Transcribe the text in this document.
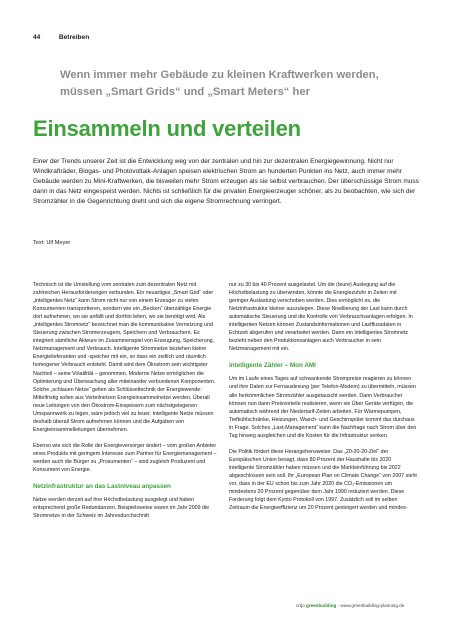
44	Betreiben
Wenn immer mehr Gebäude zu kleinen Kraftwerken werden, müssen „Smart Grids“ und „Smart Meters“ her
Einsammeln und verteilen

Einer der Trends unserer Zeit ist die Entwicklung weg von der zentralen und hin zur dezentralen Energiegewinnung. Nicht nur Windkrafträder, Biogas- und Photovoltaik-Anlagen speisen elektrischen Strom an hunderten Punkten ins Netz, auch immer mehr Gebäude werden zu Mini-Kraftwerken, die bisweilen mehr Strom erzeugen als sie selbst verbrauchen. Der überschüssige Strom muss dann in das Netz eingespeist werden. Nichts ist schließlich für die privaten Energieerzeuger schöner, als zu beobachten, wie sich der Stromzähler in die Gegenrichtung dreht und sich die eigene Stromrechnung verringert.

Text: Ulf Meyer

Technisch ist die Umstellung vom zentralen zum dezentralen Netz mit zahlreichen Herausforderungen verbunden. Ein neuartiges „Smart Grid“ oder „intelligentes Netz“ kann Strom nicht nur von einem Erzeuger zu vielen Konsumenten transportieren, sondern wie ein „Becken“ überzählige Energie dort aufnehmen, wo sie anfällt und dorthin leiten, wo sie benötigt wird. Als „intelligentes Stromnetz“ bezeichnet man die kommunikative Vernetzung und Steuerung zwischen Stromerzeugern, Speichern und Verbrauchern. Es integriert sämtliche Akteure im Zusammenspiel von Erzeugung, Speicherung, Netzmanagement und Verbrauch. Intelligente Stromnetze beziehen kleine Energielieferanten und -speicher mit ein, so dass ein zeitlich und räumlich homogener Verbrauch entsteht. Damit wird dem Ökostrom sein wichtigster Nachteil – seine Volatilität – genommen. Moderne Netze ermöglichen die Optimierung und Überwachung aller miteinander verbundenen Komponenten. Solche „schlauen Netze“ gelten als Schlüsseltechnik der Energiewende: Mittelfristig sollen aus Verteilnetzen Energieinsammelnetze werden. Überall neue Leitungen von den Ökostrom-Einspeisern zum nächstgelegenen Umspannwerk zu legen, wäre jedoch viel zu teuer. Intelligente Netze müssen deshalb überall Strom aufnehmen können und die Aufgaben von Energieinsammelleitungen übernehmen.

Ebenso wie sich die Rolle der Energieversorger ändert – vom großen Anbieter eines Produkts mit geringem Interesse zum Partner für Energiemanagement – werden auch die Bürger zu „Prosumenten“ – sind zugleich Produzent und Konsument von Energie.

Netzinfrastruktur an das Lastniveau anpassen

Netze werden derzeit auf ihre Höchstbelastung ausgelegt und haben entsprechend große Redundanzen. Beispielsweise waren im Jahr 2009 die Stromnetze in der Schweiz im Jahresdurchschnitt

nur zu 30 bis 40 Prozent ausgelastet. Um die (teure) Auslegung auf die Höchstbelastung zu überwinden, könnte die Energiezufuhr in Zeiten mit geringer Auslastung verschoben werden. Dies ermöglicht es, die Netzinfrastruktur kleiner auszulegen. Diese Nivellierung der Last kann durch automatische Steuerung und die Kontrolle von Verbrauchsanlagen erfolgen. In intelligenten Netzen können Zustandsinformationen und Lastflussdaten in Echtzeit abgerufen und verarbeitet werden. Dann ein intelligentes Stromnetz bezieht neben den Produktionsanlagen auch Verbraucher in sein Netzmanagement mit ein.

Intelligente Zähler – Mon AMI

Um im Laufe eines Tages auf schwankende Strompreise reagieren zu können und ihre Daten zur Fernauslesung (per Telefon-Modem) zu übermitteln, müssen alle herkömmlichen Stromzähler ausgetauscht werden. Dann Verbraucher können nun dann Preisvorteile realisieren, wenn sie Über Geräte verfügen, die automatisch während der Niedertarif-Zeiten arbeiten. Für Wärmepumpen, Tiefkühlschränke, Heizungen, Wasch- und Geschirrspüler kommt das durchaus in Frage. Solches „Last-Management“ kann die Nachfrage nach Strom über den Tag hinweg ausgleichen und die Kosten für die Infrastruktur senken.

Die Politik fördert diese Herangehensweise: Das „20-20-20-Ziel“ der Europäischen Union besagt, dass 80 Prozent der Haushalte bis 2020 intelligente Stromzähler haben müssen und die Markteinführung bis 2022 abgeschlossen sein soll. Ihr „European Plan on Climate Change“ von 2007 sieht vor, dass in der EU schon bis zum Jahr 2020 die CO₂-Emissionen um mindestens 20 Prozent gegenüber dem Jahr 1990 reduziert werden. Diese Forderung folgt dem Kyoto Protokoll von 1997. Zusätzlich soll im selben Zeitraum die Energieeffizienz um 20 Prozent gesteigert werden und mindes-

crtjo greenbuilding · www.greenbuilding-planning.de
